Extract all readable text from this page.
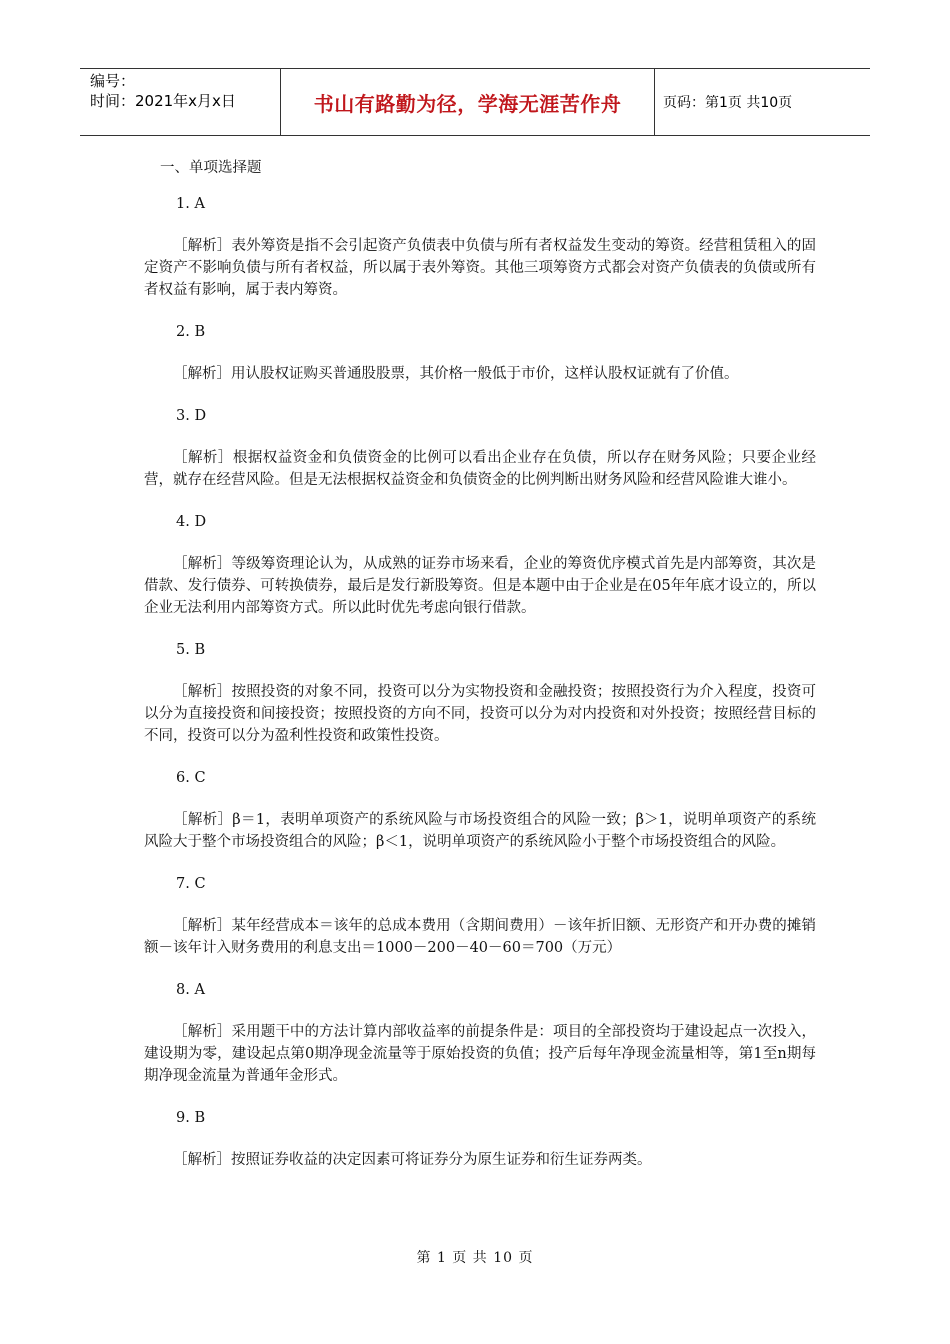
编号：
时间：2021年x月x日	书山有路勤为径，学海无涯苦作舟	页码：第1页 共10页
一、单项选择题
1. A
［解析］表外筹资是指不会引起资产负债表中负债与所有者权益发生变动的筹资。经营租赁租入的固定资产不影响负债与所有者权益，所以属于表外筹资。其他三项筹资方式都会对资产负债表的负债或所有者权益有影响，属于表内筹资。
2. B
［解析］用认股权证购买普通股股票，其价格一般低于市价，这样认股权证就有了价值。
3. D
［解析］根据权益资金和负债资金的比例可以看出企业存在负债，所以存在财务风险；只要企业经营，就存在经营风险。但是无法根据权益资金和负债资金的比例判断出财务风险和经营风险谁大谁小。
4. D
［解析］等级筹资理论认为，从成熟的证券市场来看，企业的筹资优序模式首先是内部筹资，其次是借款、发行债券、可转换债券，最后是发行新股筹资。但是本题中由于企业是在05年年底才设立的，所以企业无法利用内部筹资方式。所以此时优先考虑向银行借款。
5. B
［解析］按照投资的对象不同，投资可以分为实物投资和金融投资；按照投资行为介入程度，投资可以分为直接投资和间接投资；按照投资的方向不同，投资可以分为对内投资和对外投资；按照经营目标的不同，投资可以分为盈利性投资和政策性投资。
6. C
［解析］β＝1，表明单项资产的系统风险与市场投资组合的风险一致；β＞1，说明单项资产的系统风险大于整个市场投资组合的风险；β＜1，说明单项资产的系统风险小于整个市场投资组合的风险。
7. C
［解析］某年经营成本＝该年的总成本费用（含期间费用）－该年折旧额、无形资产和开办费的摊销额－该年计入财务费用的利息支出＝1000－200－40－60＝700（万元）
8. A
［解析］采用题干中的方法计算内部收益率的前提条件是：项目的全部投资均于建设起点一次投入，建设期为零，建设起点第0期净现金流量等于原始投资的负值；投产后每年净现金流量相等，第1至n期每期净现金流量为普通年金形式。
9. B
［解析］按照证券收益的决定因素可将证券分为原生证券和衍生证券两类。
第 1 页 共 10 页
